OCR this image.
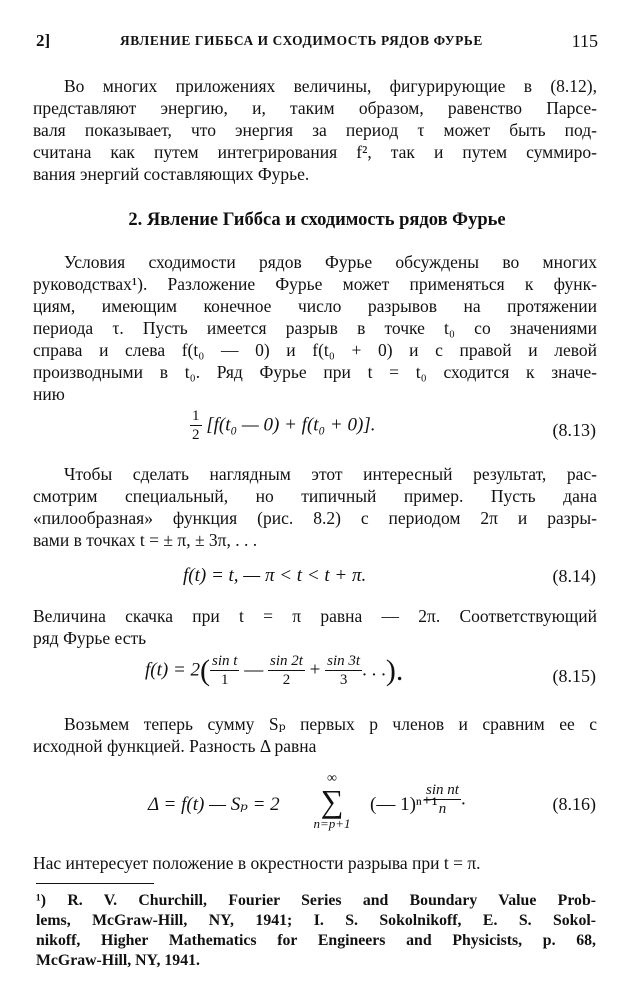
2]	ЯВЛЕНИЕ ГИББСА И СХОДИМОСТЬ РЯДОВ ФУРЬЕ	115
Во многих приложениях величины, фигурирующие в (8.12),
представляют энергию, и, таким образом, равенство Парсе-
валя показывает, что энергия за период τ может быть под-
считана как путем интегрирования f², так и путем суммиро-
вания энергий составляющих Фурье.
2. Явление Гиббса и сходимость рядов Фурье
Условия сходимости рядов Фурье обсуждены во многих
руководствах¹). Разложение Фурье может применяться к функ-
циям, имеющим конечное число разрывов на протяжении
периода τ. Пусть имеется разрыв в точке t₀ со значениями
справа и слева f(t₀ — 0) и f(t₀ + 0) и с правой и левой
производными в t₀. Ряд Фурье при t = t₀ сходится к значе-
нию
$\frac{1}{2} [f(t_0$ — 0) + f(t₀ + 0)].	(8.13)
Чтобы сделать наглядным этот интересный результат, рас-
смотрим специальный, но типичный пример. Пусть дана
«пилообразная» функция (рис. 8.2) с периодом 2π и разры-
вами в точках t = ± π, ± 3π, . . .
f(t) = t, — π < t < t + π.	(8.14)
Величина скачка при t = π равна — 2π. Соответствующий
ряд Фурье есть
$f(t) = 2( \frac{\text{sin t}}{1}$ — $\frac{\sin 2t}{2} + \frac{\sin 3t}{3}$ . . .).	(8.15)
Возьмем теперь сумму Sₚ первых p членов и сравним ее с
исходной функцией. Разность Δ равна
Δ = f(t) — Sₚ = 2
∞
∑
n=p+1
(— 1)ⁿ⁺¹
$\frac{\text{sin nt}}{n}$ .	(8.16)
Нас интересует положение в окрестности разрыва при t = π.
¹) R. V. Churchill, Fourier Series and Boundary Value Prob-
lems, McGraw-Hill, NY, 1941; I. S. Sokolnikoff, E. S. Sokol-
nikoff, Higher Mathematics for Engineers and Physicists, p. 68,
McGraw-Hill, NY, 1941.
